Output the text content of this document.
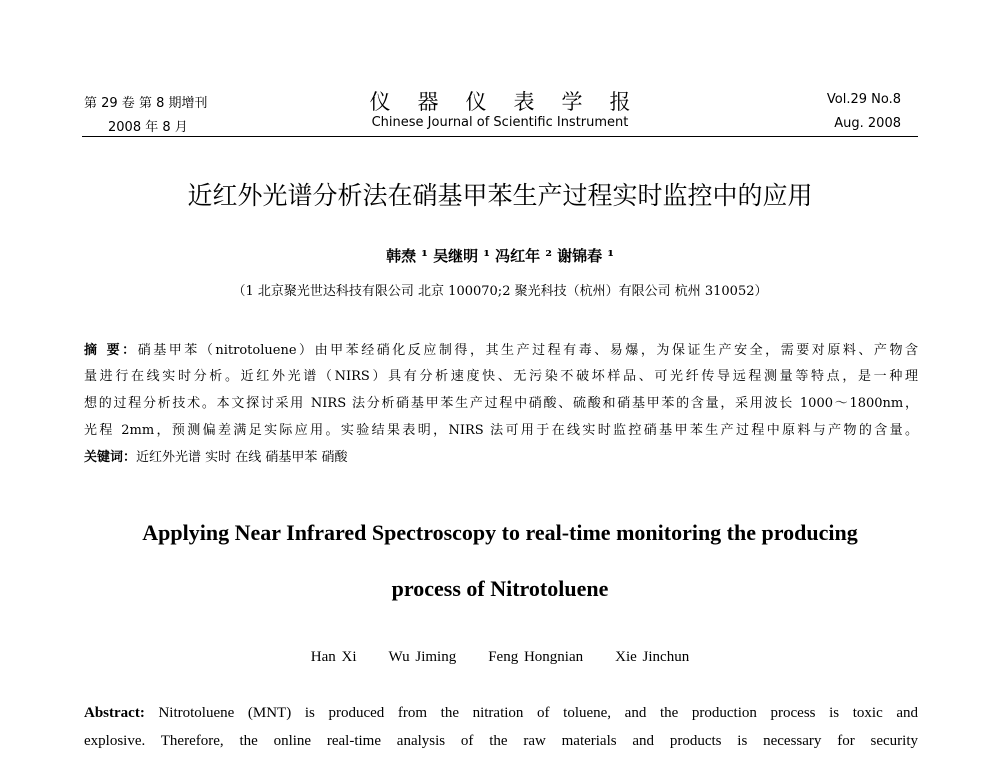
第 29 卷 第 8 期增刊
2008 年 8 月
仪器仪表学报
Chinese Journal of Scientific Instrument
Vol.29 No.8
Aug. 2008
近红外光谱分析法在硝基甲苯生产过程实时监控中的应用
韩焘 ¹ 吴继明 ¹ 冯红年 ² 谢锦春 ¹
（1 北京聚光世达科技有限公司 北京 100070;2 聚光科技（杭州）有限公司 杭州 310052）
摘 要：硝基甲苯（nitrotoluene）由甲苯经硝化反应制得，其生产过程有毒、易爆，为保证生产安全，需要对原料、产物含
量进行在线实时分析。近红外光谱（NIRS）具有分析速度快、无污染不破坏样品、可光纤传导远程测量等特点，是一种理
想的过程分析技术。本文探讨采用 NIRS 法分析硝基甲苯生产过程中硝酸、硫酸和硝基甲苯的含量，采用波长 1000～1800nm，
光程 2mm，预测偏差满足实际应用。实验结果表明，NIRS 法可用于在线实时监控硝基甲苯生产过程中原料与产物的含量。
关键词：近红外光谱 实时 在线 硝基甲苯 硝酸
Applying Near Infrared Spectroscopy to real-time monitoring the producing
process of Nitrotoluene
Han Xi Wu Jiming Feng Hongnian Xie Jinchun
Abstract: Nitrotoluene (MNT) is produced from the nitration of toluene, and the production process is toxic and
explosive. Therefore, the online real-time analysis of the raw materials and products is necessary for security
